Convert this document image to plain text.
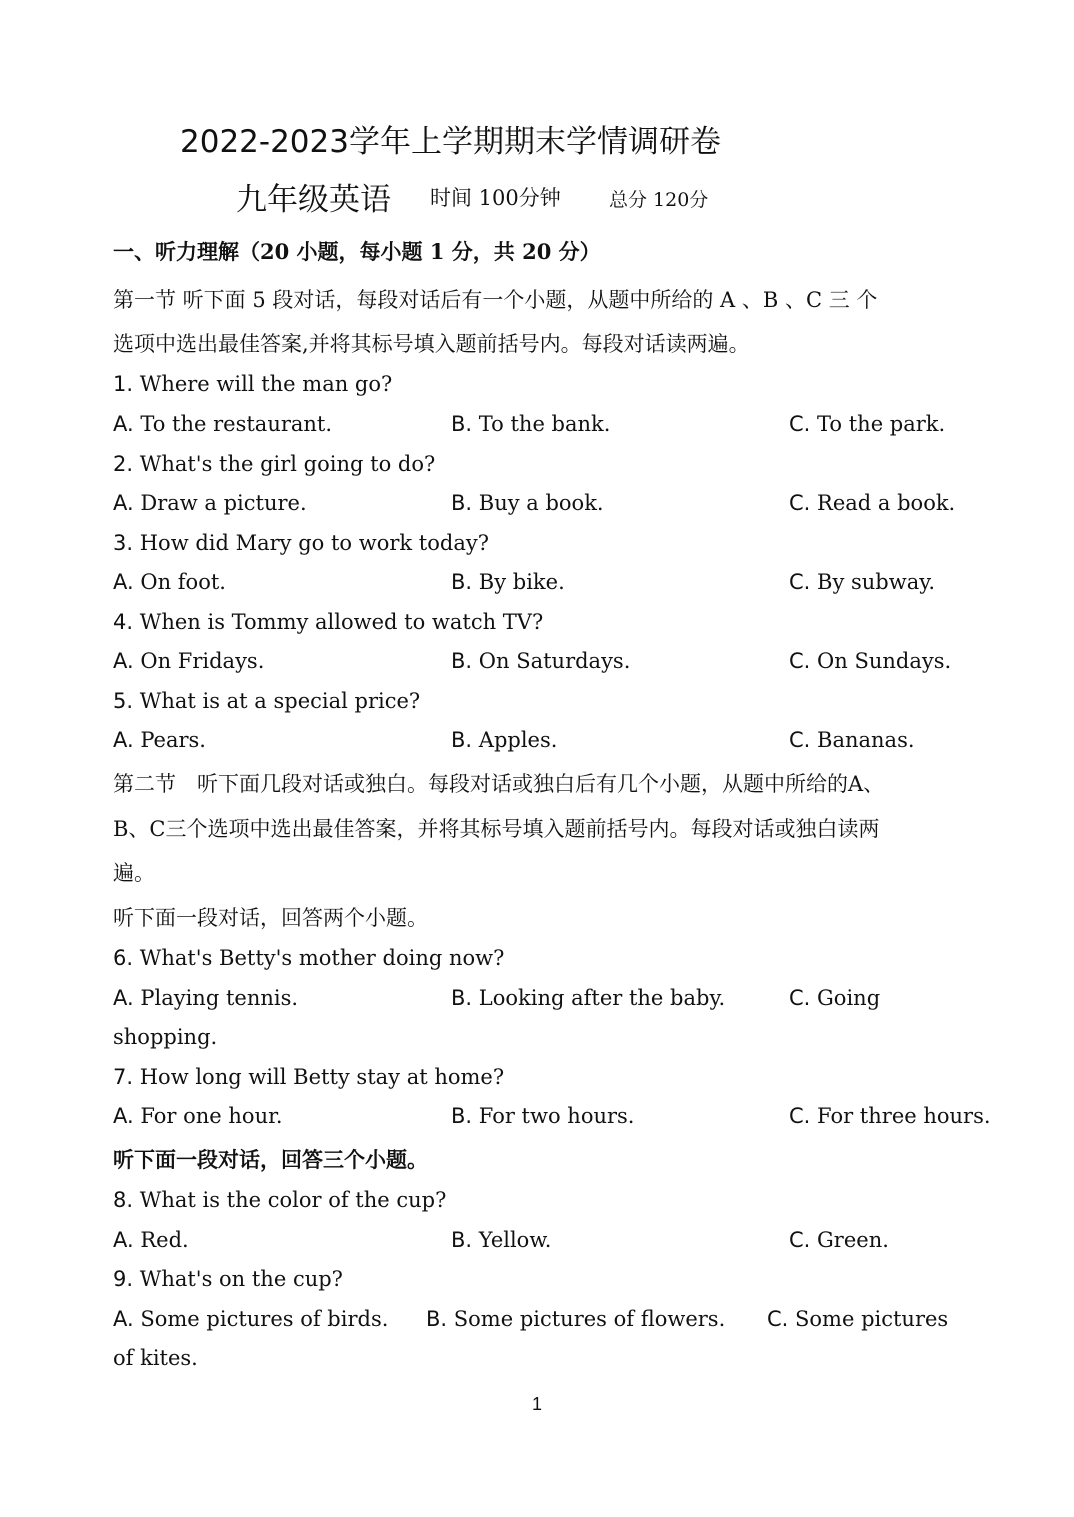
2022-2023学年上学期期末学情调研卷
九年级英语 时间 100分钟	总分 120分
一、听力理解（20 小题，每小题 1 分，共 20 分）
第一节 听下面 5 段对话，每段对话后有一个小题，从题中所给的 A 、B 、C 三 个
选项中选出最佳答案,并将其标号填入题前括号内。每段对话读两遍。
1. Where will the man go?
A. To the restaurant.	B. To the bank.	C. To the park.
2. What's the girl going to do?
A. Draw a picture.	B. Buy a book.	C. Read a book.
3. How did Mary go to work today?
A. On foot.	B. By bike.	C. By subway.
4. When is Tommy allowed to watch TV?
A. On Fridays.	B. On Saturdays.	C. On Sundays.
5. What is at a special price?
A. Pears.	B. Apples.	C. Bananas.
第二节　听下面几段对话或独白。每段对话或独白后有几个小题，从题中所给的A、
B、C三个选项中选出最佳答案，并将其标号填入题前括号内。每段对话或独白读两
遍。
听下面一段对话，回答两个小题。
6. What's Betty's mother doing now?
A. Playing tennis.	B. Looking after the baby.	C. Going
shopping.
7. How long will Betty stay at home?
A. For one hour.	B. For two hours.	C. For three hours.
听下面一段对话，回答三个小题。
8. What is the color of the cup?
A. Red.	B. Yellow.	C. Green.
9. What's on the cup?
A. Some pictures of birds. B. Some pictures of flowers. C. Some pictures
of kites.
1
